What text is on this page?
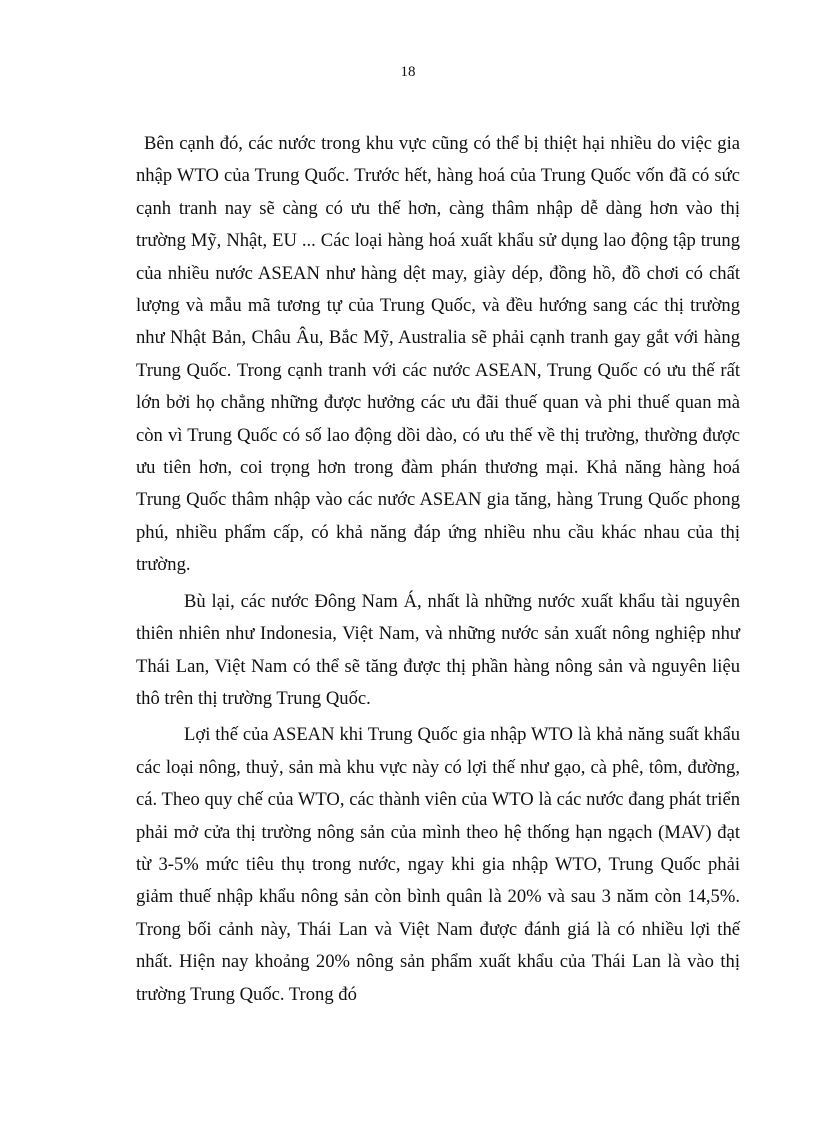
18

Bên cạnh đó, các nước trong khu vực cũng có thể bị thiệt hại nhiều do việc gia nhập WTO của Trung Quốc. Trước hết, hàng hoá của Trung Quốc vốn đã có sức cạnh tranh nay sẽ càng có ưu thế hơn, càng thâm nhập dễ dàng hơn vào thị trường Mỹ, Nhật, EU ... Các loại hàng hoá xuất khẩu sử dụng lao động tập trung của nhiều nước ASEAN như hàng dệt may, giày dép, đồng hồ, đồ chơi có chất lượng và mẫu mã tương tự của Trung Quốc, và đều hướng sang các thị trường như Nhật Bản, Châu Âu, Bắc Mỹ, Australia sẽ phải cạnh tranh gay gắt với hàng Trung Quốc. Trong cạnh tranh với các nước ASEAN, Trung Quốc có ưu thế rất lớn bởi họ chẳng những được hưởng các ưu đãi thuế quan và phi thuế quan mà còn vì Trung Quốc có số lao động dồi dào, có ưu thế về thị trường, thường được ưu tiên hơn, coi trọng hơn trong đàm phán thương mại. Khả năng hàng hoá Trung Quốc thâm nhập vào các nước ASEAN gia tăng, hàng Trung Quốc phong phú, nhiều phẩm cấp, có khả năng đáp ứng nhiều nhu cầu khác nhau của thị trường.

Bù lại, các nước Đông Nam Á, nhất là những nước xuất khẩu tài nguyên thiên nhiên như Indonesia, Việt Nam, và những nước sản xuất nông nghiệp như Thái Lan, Việt Nam có thể sẽ tăng được thị phần hàng nông sản và nguyên liệu thô trên thị trường Trung Quốc.

Lợi thế của ASEAN khi Trung Quốc gia nhập WTO là khả năng suất khẩu các loại nông, thuỷ, sản mà khu vực này có lợi thế như gạo, cà phê, tôm, đường, cá. Theo quy chế của WTO, các thành viên của WTO là các nước đang phát triển phải mở cửa thị trường nông sản của mình theo hệ thống hạn ngạch (MAV) đạt từ 3-5% mức tiêu thụ trong nước, ngay khi gia nhập WTO, Trung Quốc phải giảm thuế nhập khẩu nông sản còn bình quân là 20% và sau 3 năm còn 14,5%. Trong bối cảnh này, Thái Lan và Việt Nam được đánh giá là có nhiều lợi thế nhất. Hiện nay khoảng 20% nông sản phẩm xuất khẩu của Thái Lan là vào thị trường Trung Quốc. Trong đó
